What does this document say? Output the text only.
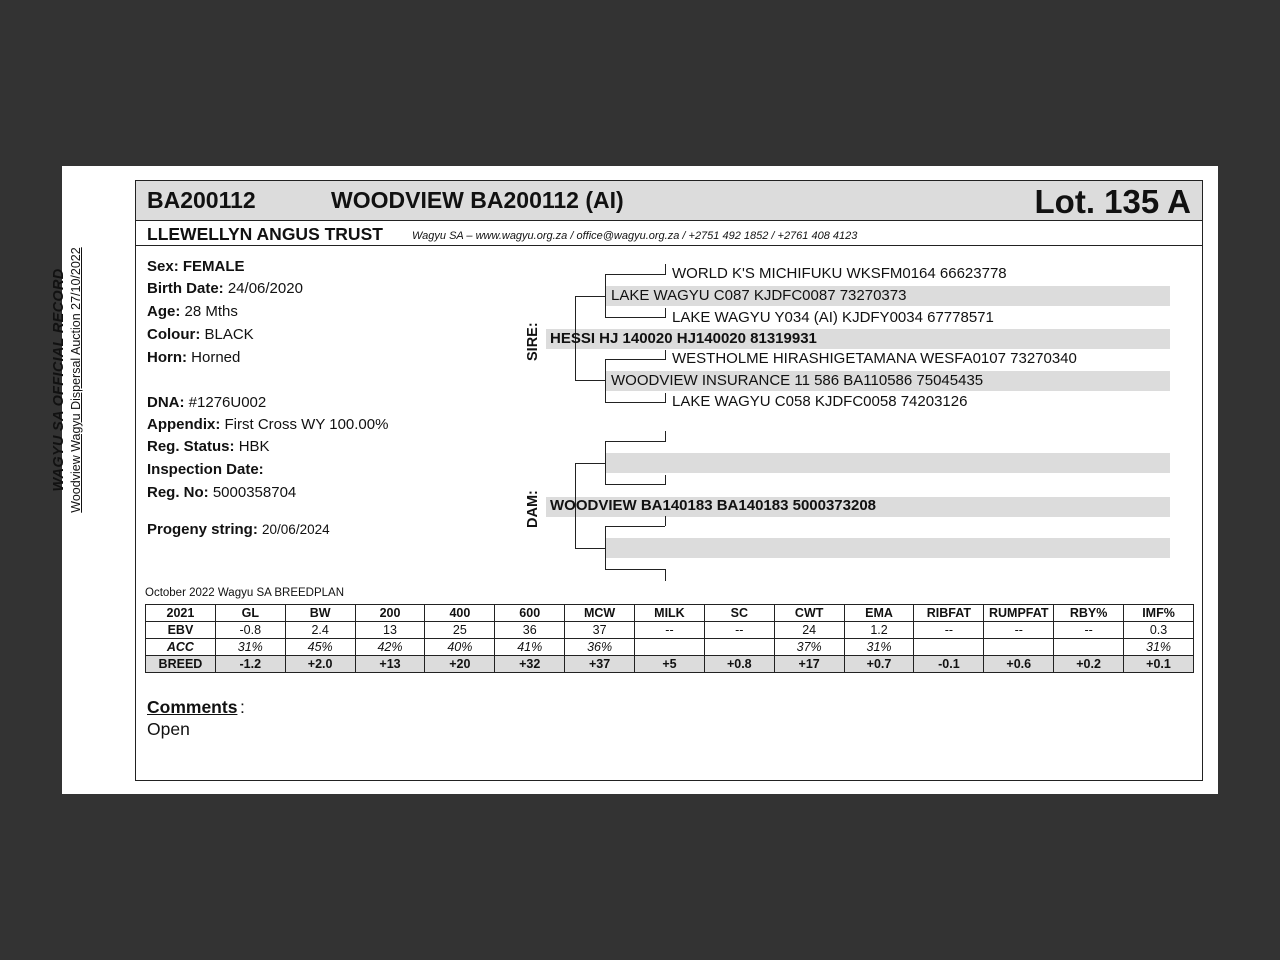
WAGYU SA OFFICIAL RECORD Woodview Wagyu Dispersal Auction 27/10/2022
BA200112	WOODVIEW BA200112 (AI)	Lot. 135 A
LLEWELLYN ANGUS TRUST	Wagyu SA – www.wagyu.org.za / office@wagyu.org.za / +2751 492 1852 / +2761 408 4123
Sex: FEMALE
Birth Date: 24/06/2020
Age: 28 Mths
Colour: BLACK
Horn: Horned
DNA: #1276U002
Appendix: First Cross WY 100.00%
Reg. Status: HBK
Inspection Date:
Reg. No: 5000358704
Progeny string: 20/06/2024
SIRE:
DAM:
WORLD K'S MICHIFUKU WKSFM0164 66623778
LAKE WAGYU C087 KJDFC0087 73270373
LAKE WAGYU Y034 (AI) KJDFY0034 67778571
HESSI HJ 140020 HJ140020 81319931
WESTHOLME HIRASHIGETAMANA WESFA0107 73270340
WOODVIEW INSURANCE 11 586 BA110586 75045435
LAKE WAGYU C058 KJDFC0058 74203126
WOODVIEW BA140183 BA140183 5000373208
October 2022 Wagyu SA BREEDPLAN
2021	GL	BW	200	400	600	MCW	MILK	SC	CWT	EMA	RIBFAT	RUMPFAT	RBY%	IMF%
EBV	-0.8	2.4	13	25	36	37	--	--	24	1.2	--	--	--	0.3
ACC	31%	45%	42%	40%	41%	36%			37%	31%				31%
BREED	-1.2	+2.0	+13	+20	+32	+37	+5	+0.8	+17	+0.7	-0.1	+0.6	+0.2	+0.1
Comments :
Open
